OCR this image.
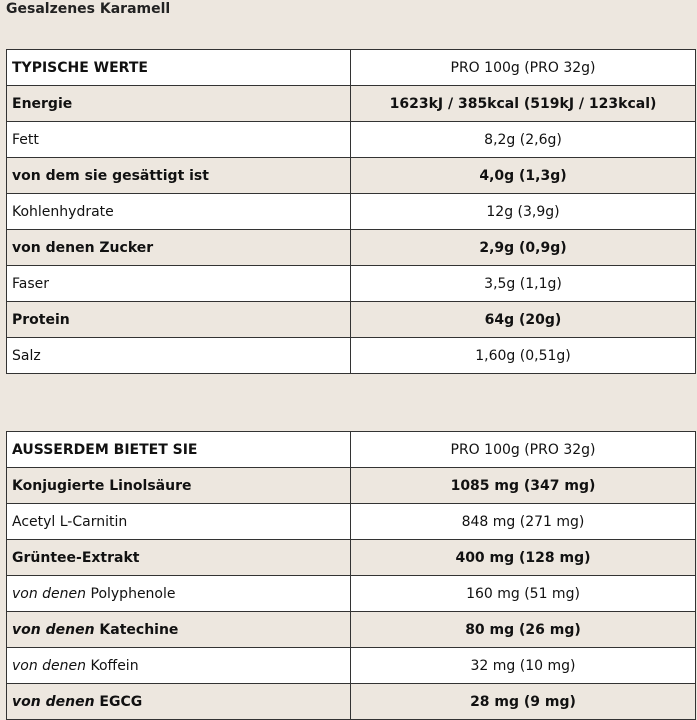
Gesalzenes Karamell
TYPISCHE WERTE	PRO 100g (PRO 32g)
Energie	1623kJ / 385kcal (519kJ / 123kcal)
Fett	8,2g (2,6g)
von dem sie gesättigt ist	4,0g (1,3g)
Kohlenhydrate	12g (3,9g)
von denen Zucker	2,9g (0,9g)
Faser	3,5g (1,1g)
Protein	64g (20g)
Salz	1,60g (0,51g)
AUSSERDEM BIETET SIE	PRO 100g (PRO 32g)
Konjugierte Linolsäure	1085 mg (347 mg)
Acetyl L-Carnitin	848 mg (271 mg)
Grüntee-Extrakt	400 mg (128 mg)
von denen Polyphenole	160 mg (51 mg)
von denen Katechine	80 mg (26 mg)
von denen Koffein	32 mg (10 mg)
von denen EGCG	28 mg (9 mg)
